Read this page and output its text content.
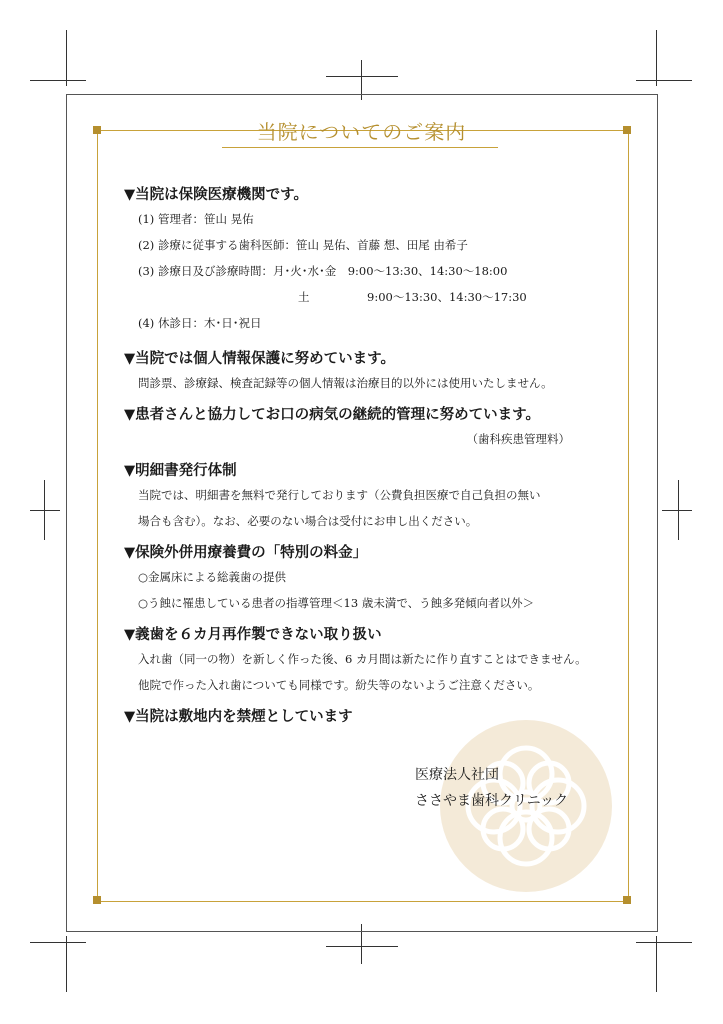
当院についてのご案内

▼当院は保険医療機関です。

(1) 管理者：笹山 晃佑

(2) 診療に従事する歯科医師：笹山 晃佑、首藤 想、田尾 由希子

(3) 診療日及び診療時間：月･火･水･金　9:00～13:30、14:30～18:00

土　　　　　9:00～13:30、14:30～17:30

(4) 休診日：木･日･祝日

▼当院では個人情報保護に努めています。

問診票、診療録、検査記録等の個人情報は治療目的以外には使用いたしません。

▼患者さんと協力してお口の病気の継続的管理に努めています。

（歯科疾患管理料）

▼明細書発行体制

当院では、明細書を無料で発行しております（公費負担医療で自己負担の無い

場合も含む）。なお、必要のない場合は受付にお申し出ください。

▼保険外併用療養費の「特別の料金」

○金属床による総義歯の提供

○う蝕に罹患している患者の指導管理＜13 歳未満で、う蝕多発傾向者以外＞

▼義歯を６カ月再作製できない取り扱い

入れ歯（同一の物）を新しく作った後、6 カ月間は新たに作り直すことはできません。

他院で作った入れ歯についても同様です。紛失等のないようご注意ください。

▼当院は敷地内を禁煙としています

医療法人社団
ささやま歯科クリニック
